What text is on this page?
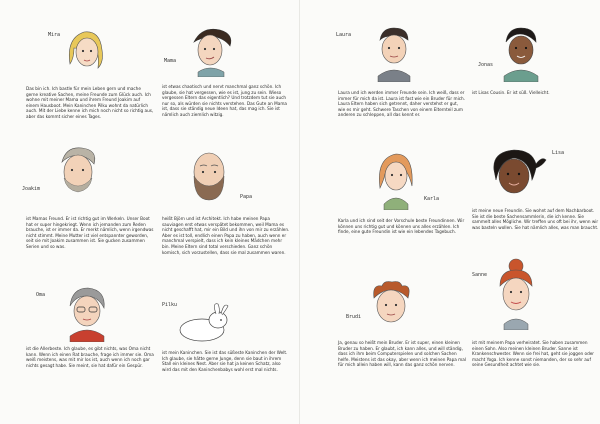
Mira
Das bin ich. Ich bastle für mein Leben gern und mache gerne kreative Sachen, meine Freunde zum Glück auch. Ich wohne mit meiner Mama und ihrem Freund Joakim auf einem Hausboot. Mein Kaninchen Pilku wohnt da natürlich auch. Mit der Liebe kenne ich mich noch nicht so richtig aus, aber das kommt sicher eines Tages.
Mama
ist etwas chaotisch und nervt manchmal ganz schön. Ich glaube, sie hat vergessen, wie es ist, jung zu sein. Wieso vergessen Eltern das eigentlich? Und trotzdem tut sie auch nur so, als würden sie nichts verstehen. Das Gute an Mama ist, dass sie ständig neue Ideen hat, das mag ich. Sie ist nämlich auch ziemlich witzig.
Joakim
ist Mamas Freund. Er ist richtig gut im Werkeln. Unser Boot hat er super hingekriegt. Wenn ich jemanden zum Reden brauche, ist er immer da. Er merkt nämlich, wenn irgendwas nicht stimmt. Meine Mutter ist viel entspannter geworden, seit sie mit Joakim zusammen ist. Sie gucken zusammen Serien und so was.
Papa
heißt Björn und ist Architekt. Ich habe meinen Papa sauviagen erst etwas verspätet bekommen, weil Mama es nicht geschafft hat, mir ein Bild und ihn von mir zu erzählen. Aber es ist toll, endlich einen Papa zu haben, auch wenn er manchmal verspielt, dass ich kein kleines Mädchen mehr bin. Meine Eltern sind total verschieden. Ganz schön komisch, sich vorzustellen, dass sie mal zusammen waren.
Oma
ist die Allerbeste. Ich glaube, es gibt nichts, was Oma nicht kann. Wenn ich einen Rat brauche, frage ich immer sie. Oma weiß meistens, was mit mir los ist, auch wenn ich noch gar nichts gesagt habe. Sie meint, sie hat dafür ein Gespür.
Pilku
ist mein Kaninchen. Sie ist das süßeste Kaninchen der Welt. Ich glaube, sie hätte gerne Junge, denn sie baut in ihrem Stall ein kleines Nest. Aber sie hat ja keinen Schatz, also wird das mit den Kaninchenbabys wohl erst mal nichts.
Laura
Laura und ich werden immer Freunde sein. Ich weiß, dass er immer für mich da ist. Laura ist fast wie ein Bruder für mich. Laura Eltern haben sich getrennt, daher verstehst er gut, wie es mir geht. Schwere Taschen von einem Elternteil zum anderen zu schleppen, all das kennt er.
Jonas
ist Lisas Cousin. Er ist süß. Vielleicht.
Karla
Karla und ich sind seit der Vorschule beste Freundinnen. Wir können uns richtig gut und können uns alles erzählen. Ich finde, eine gute Freundin ist wie ein lebendes Tagebuch.
Lisa
ist meine neue Freundin. Sie wohnt auf dem Nachbarboot. Sie ist die beste Sachensammlerin, die ich kenne. Sie sammelt alles Mögliche. Wir treffen uns oft bei ihr, wenn wir was basteln wollen. Sie hat nämlich alles, was man braucht.
Brudi
Ja, genau so heißt mein Bruder. Er ist super, einen kleinen Bruder zu haben. Er glaubt, ich kann alles, und will ständig, dass ich ihm beim Computerspielen und solchen Sachen helfe. Meistens ist das okay, aber wenn ich meinen Papa mal für mich allein haben will, kann das ganz schön nerven.
Sanne
ist mit meinem Papa verheiratet. Sie haben zusammen einen Sohn. Also meinen kleinen Bruder. Sanne ist Krankenschwester. Wenn sie frei hat, geht sie joggen oder macht Yoga. Ich kenne sonst niemanden, der so sehr auf seine Gesundheit achtet wie sie.
